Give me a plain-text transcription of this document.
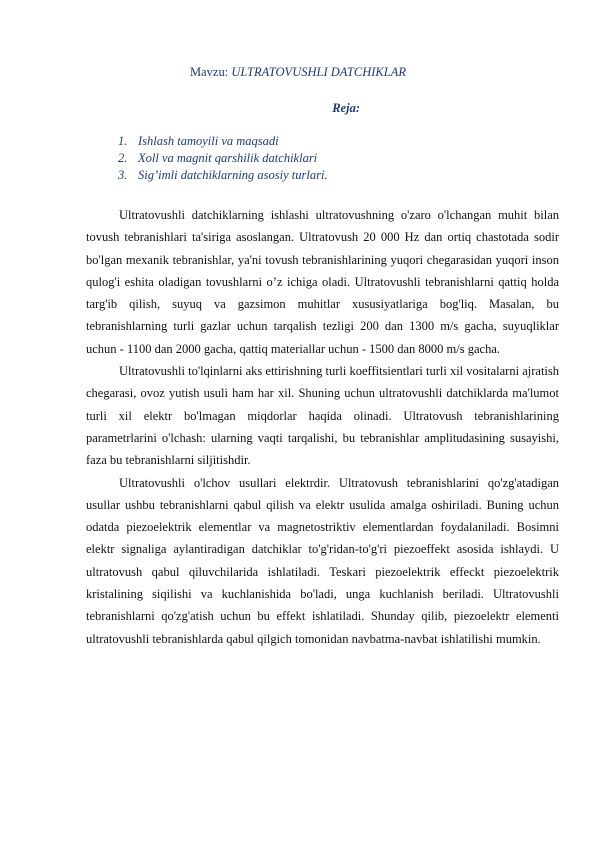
Mavzu: ULTRATOVUSHLI DATCHIKLAR
Reja:
1. Ishlash tamoyili va maqsadi
2. Xoll va magnit qarshilik datchiklari
3. Sig’imli datchiklarning asosiy turlari.

Ultratovushli datchiklarning ishlashi ultratovushning o'zaro o'lchangan muhit bilan tovush tebranishlari ta'siriga asoslangan. Ultratovush 20 000 Hz dan ortiq chastotada sodir bo'lgan mexanik tebranishlar, ya'ni tovush tebranishlarining yuqori chegarasidan yuqori inson qulog'i eshita oladigan tovushlarni o’z ichiga oladi. Ultratovushli tebranishlarni qattiq holda targ'ib qilish, suyuq va gazsimon muhitlar xususiyatlariga bog'liq. Masalan, bu tebranishlarning turli gazlar uchun tarqalish tezligi 200 dan 1300 m/s gacha, suyuqliklar uchun - 1100 dan 2000 gacha, qattiq materiallar uchun - 1500 dan 8000 m/s gacha.

Ultratovushli to'lqinlarni aks ettirishning turli koeffitsientlari turli xil vositalarni ajratish chegarasi, ovoz yutish usuli ham har xil. Shuning uchun ultratovushli datchiklarda ma'lumot turli xil elektr bo'lmagan miqdorlar haqida olinadi. Ultratovush tebranishlarining parametrlarini o'lchash: ularning vaqti tarqalishi, bu tebranishlar amplitudasining susayishi, faza bu tebranishlarni siljitishdir.

Ultratovushli o'lchov usullari elektrdir. Ultratovush tebranishlarini qo'zg'atadigan usullar ushbu tebranishlarni qabul qilish va elektr usulida amalga oshiriladi. Buning uchun odatda piezoelektrik elementlar va magnetostriktiv elementlardan foydalaniladi. Bosimni elektr signaliga aylantiradigan datchiklar to'g'ridan-to'g'ri piezoeffekt asosida ishlaydi. U ultratovush qabul qiluvchilarida ishlatiladi. Teskari piezoelektrik effeckt piezoelektrik kristalining siqilishi va kuchlanishida bo'ladi, unga kuchlanish beriladi. Ultratovushli tebranishlarni qo'zg'atish uchun bu effekt ishlatiladi. Shunday qilib, piezoelektr elementi ultratovushli tebranishlarda qabul qilgich tomonidan navbatma-navbat ishlatilishi mumkin.
